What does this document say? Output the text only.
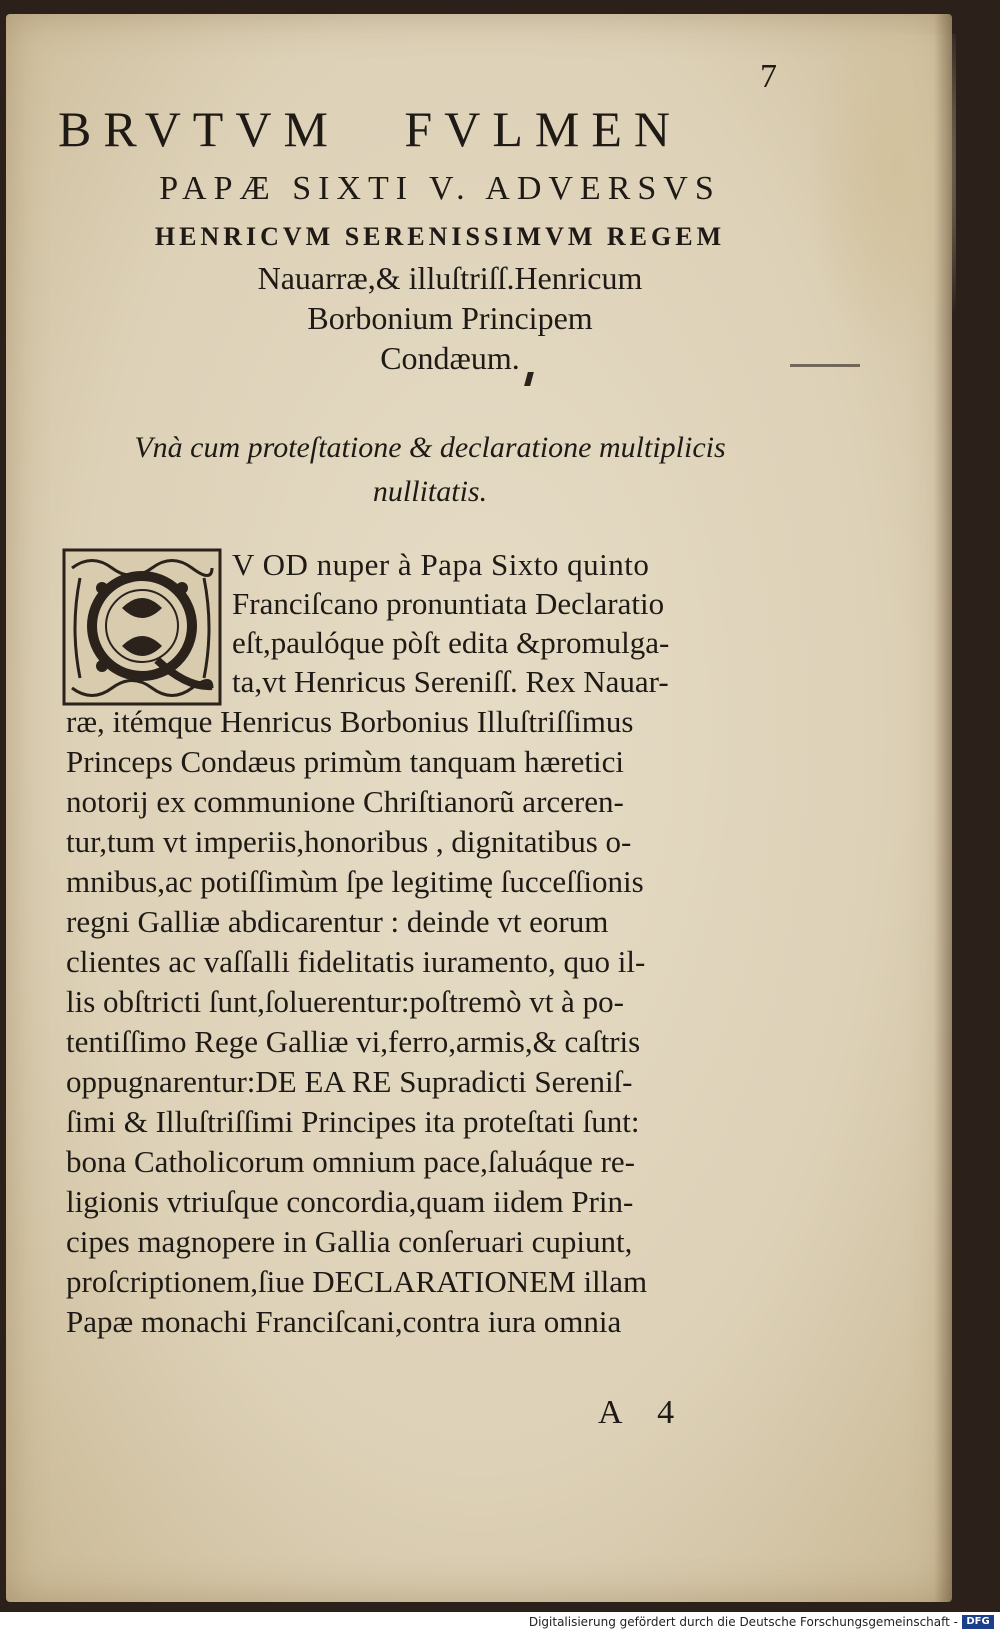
7
BRVTVM FVLMEN
PAPÆ SIXTI V. ADVERSVS
HENRICVM SERENISSIMVM REGEM
Nauarræ,& illuſtriſſ.Henricum
Borbonium Principem
Condæum.
Vnà cum proteſtatione & declaratione multiplicis
nullitatis.
V OD nuper à Papa Sixto quinto
Franciſcano pronuntiata Declaratio
eſt,paulóque pòſt edita &promulga-
ta,vt Henricus Sereniſſ. Rex Nauar-
ræ, itémque Henricus Borbonius Illuſtriſſimus
Princeps Condæus primùm tanquam hæretici
notorij ex communione Chriſtianorũ arceren-
tur,tum vt imperiis,honoribus , dignitatibus o-
mnibus,ac potiſſimùm ſpe legitimę ſucceſſionis
regni Galliæ abdicarentur : deinde vt eorum
clientes ac vaſſalli fidelitatis iuramento, quo il-
lis obſtricti ſunt,ſoluerentur:poſtremò vt à po-
tentiſſimo Rege Galliæ vi,ferro,armis,& caſtris
oppugnarentur:DE EA RE Supradicti Sereniſ-
ſimi & Illuſtriſſimi Principes ita proteſtati ſunt:
bona Catholicorum omnium pace,ſaluáque re-
ligionis vtriuſque concordia,quam iidem Prin-
cipes magnopere in Gallia conſeruari cupiunt,
proſcriptionem,ſiue DECLARATIONEM illam
Papæ monachi Franciſcani,contra iura omnia
A 4
Digitalisierung gefördert durch die Deutsche Forschungsgemeinschaft - DFG
